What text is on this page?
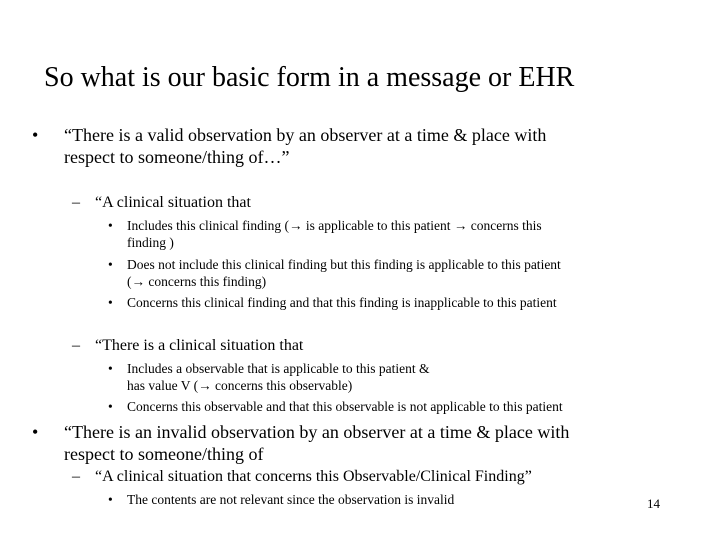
So what is our basic form in a message or EHR
• “There is a valid observation by an observer at a time & place with
respect to someone/thing of…”
– “A clinical situation that
• Includes this clinical finding (→ is applicable to this patient → concerns this
finding )
• Does not include this clinical finding but this finding is applicable to this patient
(→ concerns this finding)
• Concerns this clinical finding and that this finding is inapplicable to this patient
– “There is a clinical situation that
• Includes a observable that is applicable to this patient &
has value V (→ concerns this observable)
• Concerns this observable and that this observable is not applicable to this patient
• “There is an invalid observation by an observer at a time & place with
respect to someone/thing of
– “A clinical situation that concerns this Observable/Clinical Finding”
• The contents are not relevant since the observation is invalid	14
